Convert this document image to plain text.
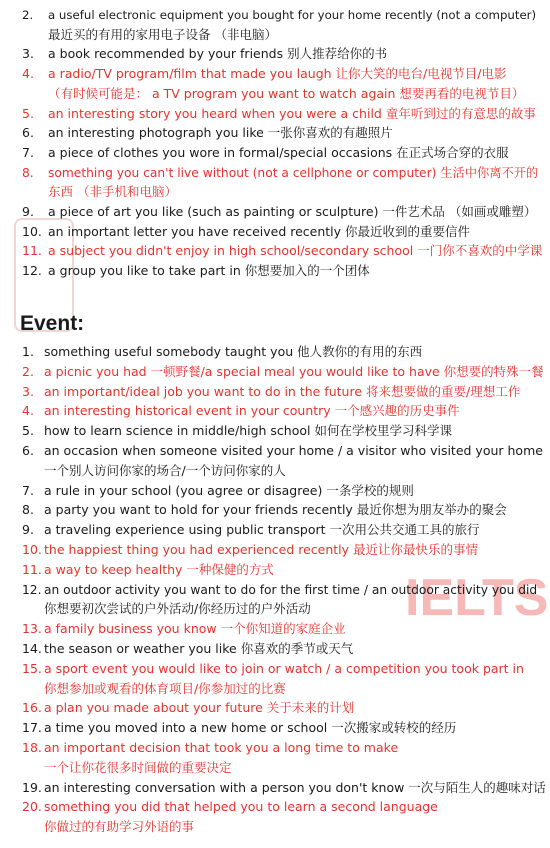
IELTS
2. a useful electronic equipment you bought for your home recently (not a computer)
最近买的有用的家用电子设备 （非电脑）
3. a book recommended by your friends 别人推荐给你的书
4. a radio/TV program/film that made you laugh 让你大笑的电台/电视节目/电影
（有时候可能是： a TV program you want to watch again 想要再看的电视节目）
5. an interesting story you heard when you were a child 童年听到过的有意思的故事
6. an interesting photograph you like 一张你喜欢的有趣照片
7. a piece of clothes you wore in formal/special occasions 在正式场合穿的衣服
8. something you can't live without (not a cellphone or computer) 生活中你离不开的
东西 （非手机和电脑）
9. a piece of art you like (such as painting or sculpture) 一件艺术品 （如画或雕塑）
10. an important letter you have received recently 你最近收到的重要信件
11. a subject you didn't enjoy in high school/secondary school 一门你不喜欢的中学课
12. a group you like to take part in 你想要加入的一个团体
Event:
1. something useful somebody taught you 他人教你的有用的东西
2. a picnic you had 一顿野餐/a special meal you would like to have 你想要的特殊一餐
3. an important/ideal job you want to do in the future 将来想要做的重要/理想工作
4. an interesting historical event in your country 一个感兴趣的历史事件
5. how to learn science in middle/high school 如何在学校里学习科学课
6. an occasion when someone visited your home / a visitor who visited your home
一个别人访问你家的场合/一个访问你家的人
7. a rule in your school (you agree or disagree) 一条学校的规则
8. a party you want to hold for your friends recently 最近你想为朋友举办的聚会
9. a traveling experience using public transport 一次用公共交通工具的旅行
10. the happiest thing you had experienced recently 最近让你最快乐的事情
11. a way to keep healthy 一种保健的方式
12. an outdoor activity you want to do for the first time / an outdoor activity you did
你想要初次尝试的户外活动/你经历过的户外活动
13. a family business you know 一个你知道的家庭企业
14. the season or weather you like 你喜欢的季节或天气
15. a sport event you would like to join or watch / a competition you took part in
你想参加或观看的体育项目/你参加过的比赛
16. a plan you made about your future 关于未来的计划
17. a time you moved into a new home or school 一次搬家或转校的经历
18. an important decision that took you a long time to make
一个让你花很多时间做的重要决定
19. an interesting conversation with a person you don't know 一次与陌生人的趣味对话
20. something you did that helped you to learn a second language
你做过的有助学习外语的事
